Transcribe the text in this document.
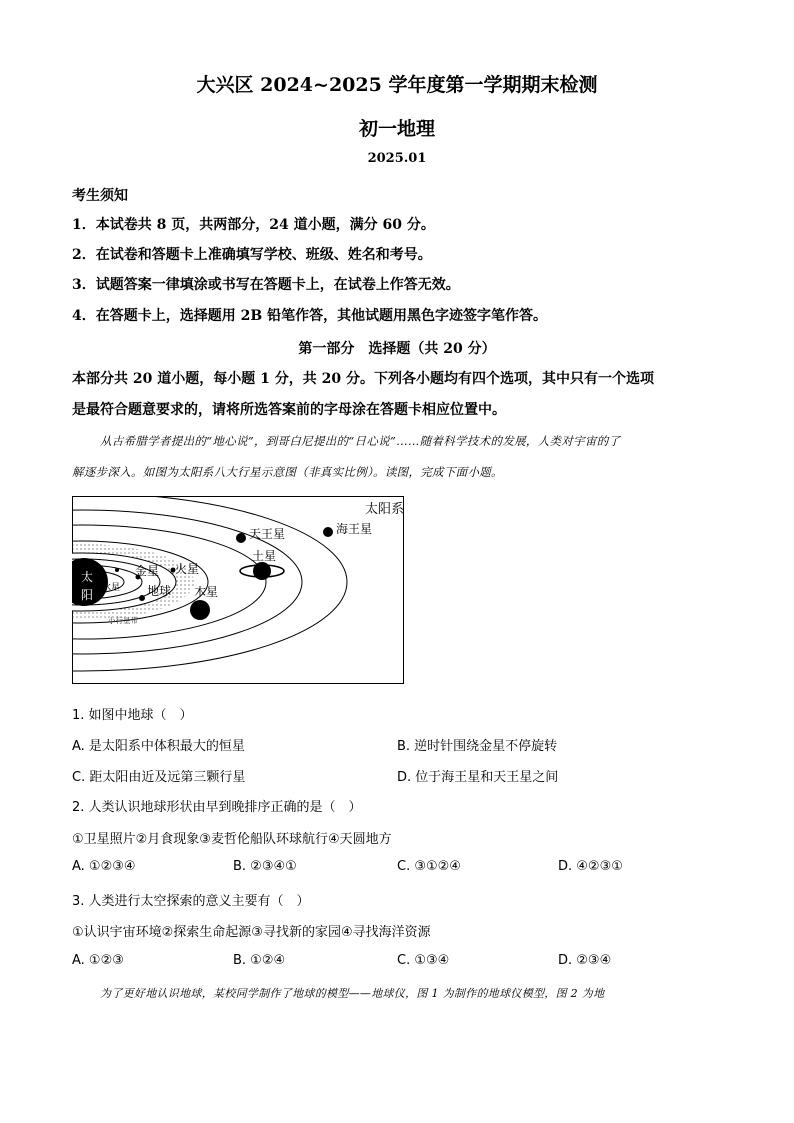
大兴区 2024~2025 学年度第一学期期末检测
初一地理
2025.01
考生须知
1．本试卷共 8 页，共两部分，24 道小题，满分 60 分。
2．在试卷和答题卡上准确填写学校、班级、姓名和考号。
3．试题答案一律填涂或书写在答题卡上，在试卷上作答无效。
4．在答题卡上，选择题用 2B 铅笔作答，其他试题用黑色字迹签字笔作答。
第一部分　选择题（共 20 分）
本部分共 20 道小题，每小题 1 分，共 20 分。下列各小题均有四个选项，其中只有一个选项
是最符合题意要求的，请将所选答案前的字母涂在答题卡相应位置中。
从古希腊学者提出的“地心说”，到哥白尼提出的“日心说”……随着科学技术的发展，人类对宇宙的了
解逐步深入。如图为太阳系八大行星示意图（非真实比例）。读图，完成下面小题。
太
阳 水星
金星
地球
火星
木星
土星
天王星	海王星
小行星带
太阳系
1. 如图中地球（　）
A. 是太阳系中体积最大的恒星	B. 逆时针围绕金星不停旋转
C. 距太阳由近及远第三颗行星	D. 位于海王星和天王星之间
2. 人类认识地球形状由早到晚排序正确的是（　）
①卫星照片②月食现象③麦哲伦船队环球航行④天圆地方
A. ①②③④	B. ②③④①	C. ③①②④	D. ④②③①
3. 人类进行太空探索的意义主要有（　）
①认识宇宙环境②探索生命起源③寻找新的家园④寻找海洋资源
A. ①②③	B. ①②④	C. ①③④	D. ②③④
为了更好地认识地球，某校同学制作了地球的模型——地球仪，图 1 为制作的地球仪模型，图 2 为地
